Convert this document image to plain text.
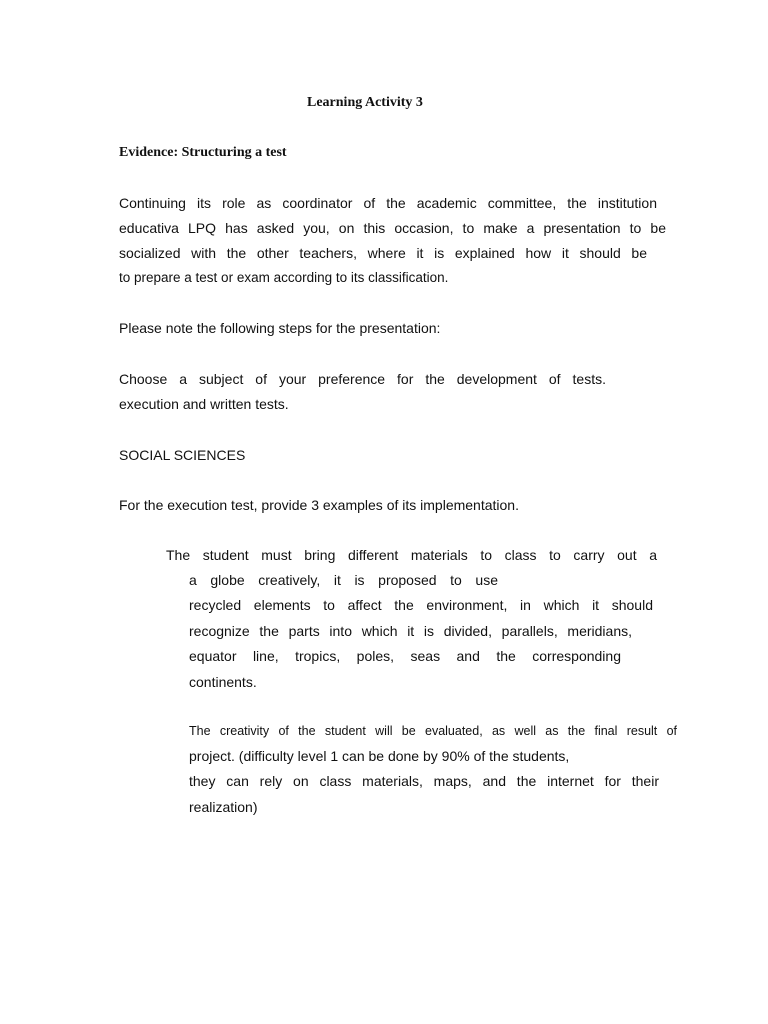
Learning Activity 3
Evidence: Structuring a test
Continuing its role as coordinator of the academic committee, the institution
educativa LPQ has asked you, on this occasion, to make a presentation to be
socialized with the other teachers, where it is explained how it should be
to prepare a test or exam according to its classification.
Please note the following steps for the presentation:
Choose a subject of your preference for the development of tests.
execution and written tests.
SOCIAL SCIENCES
For the execution test, provide 3 examples of its implementation.
The student must bring different materials to class to carry out a
a globe creatively, it is proposed to use
recycled elements to affect the environment, in which it should
recognize the parts into which it is divided, parallels, meridians,
equator line, tropics, poles, seas and the corresponding
continents.
The creativity of the student will be evaluated, as well as the final result of
project. (difficulty level 1 can be done by 90% of the students,
they can rely on class materials, maps, and the internet for their
realization)
